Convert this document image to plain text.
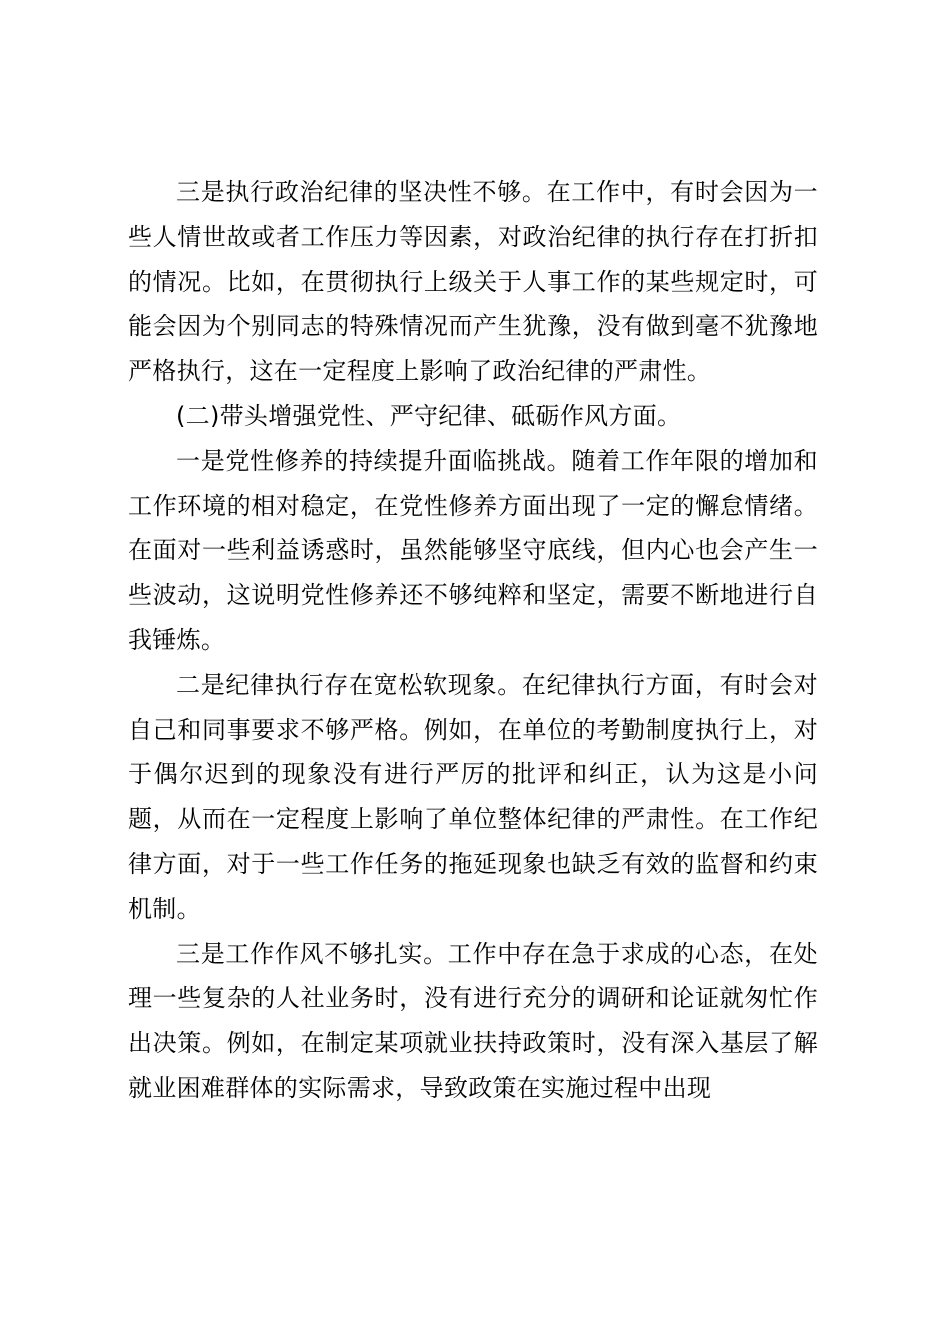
三是执行政治纪律的坚决性不够。在工作中，有时会因为一些人情世故或者工作压力等因素，对政治纪律的执行存在打折扣的情况。比如，在贯彻执行上级关于人事工作的某些规定时，可能会因为个别同志的特殊情况而产生犹豫，没有做到毫不犹豫地严格执行，这在一定程度上影响了政治纪律的严肃性。

(二)带头增强党性、严守纪律、砥砺作风方面。

一是党性修养的持续提升面临挑战。随着工作年限的增加和工作环境的相对稳定，在党性修养方面出现了一定的懈怠情绪。在面对一些利益诱惑时，虽然能够坚守底线，但内心也会产生一些波动，这说明党性修养还不够纯粹和坚定，需要不断地进行自我锤炼。

二是纪律执行存在宽松软现象。在纪律执行方面，有时会对自己和同事要求不够严格。例如，在单位的考勤制度执行上，对于偶尔迟到的现象没有进行严厉的批评和纠正，认为这是小问题，从而在一定程度上影响了单位整体纪律的严肃性。在工作纪律方面，对于一些工作任务的拖延现象也缺乏有效的监督和约束机制。

三是工作作风不够扎实。工作中存在急于求成的心态，在处理一些复杂的人社业务时，没有进行充分的调研和论证就匆忙作出决策。例如，在制定某项就业扶持政策时，没有深入基层了解就业困难群体的实际需求，导致政策在实施过程中出现
